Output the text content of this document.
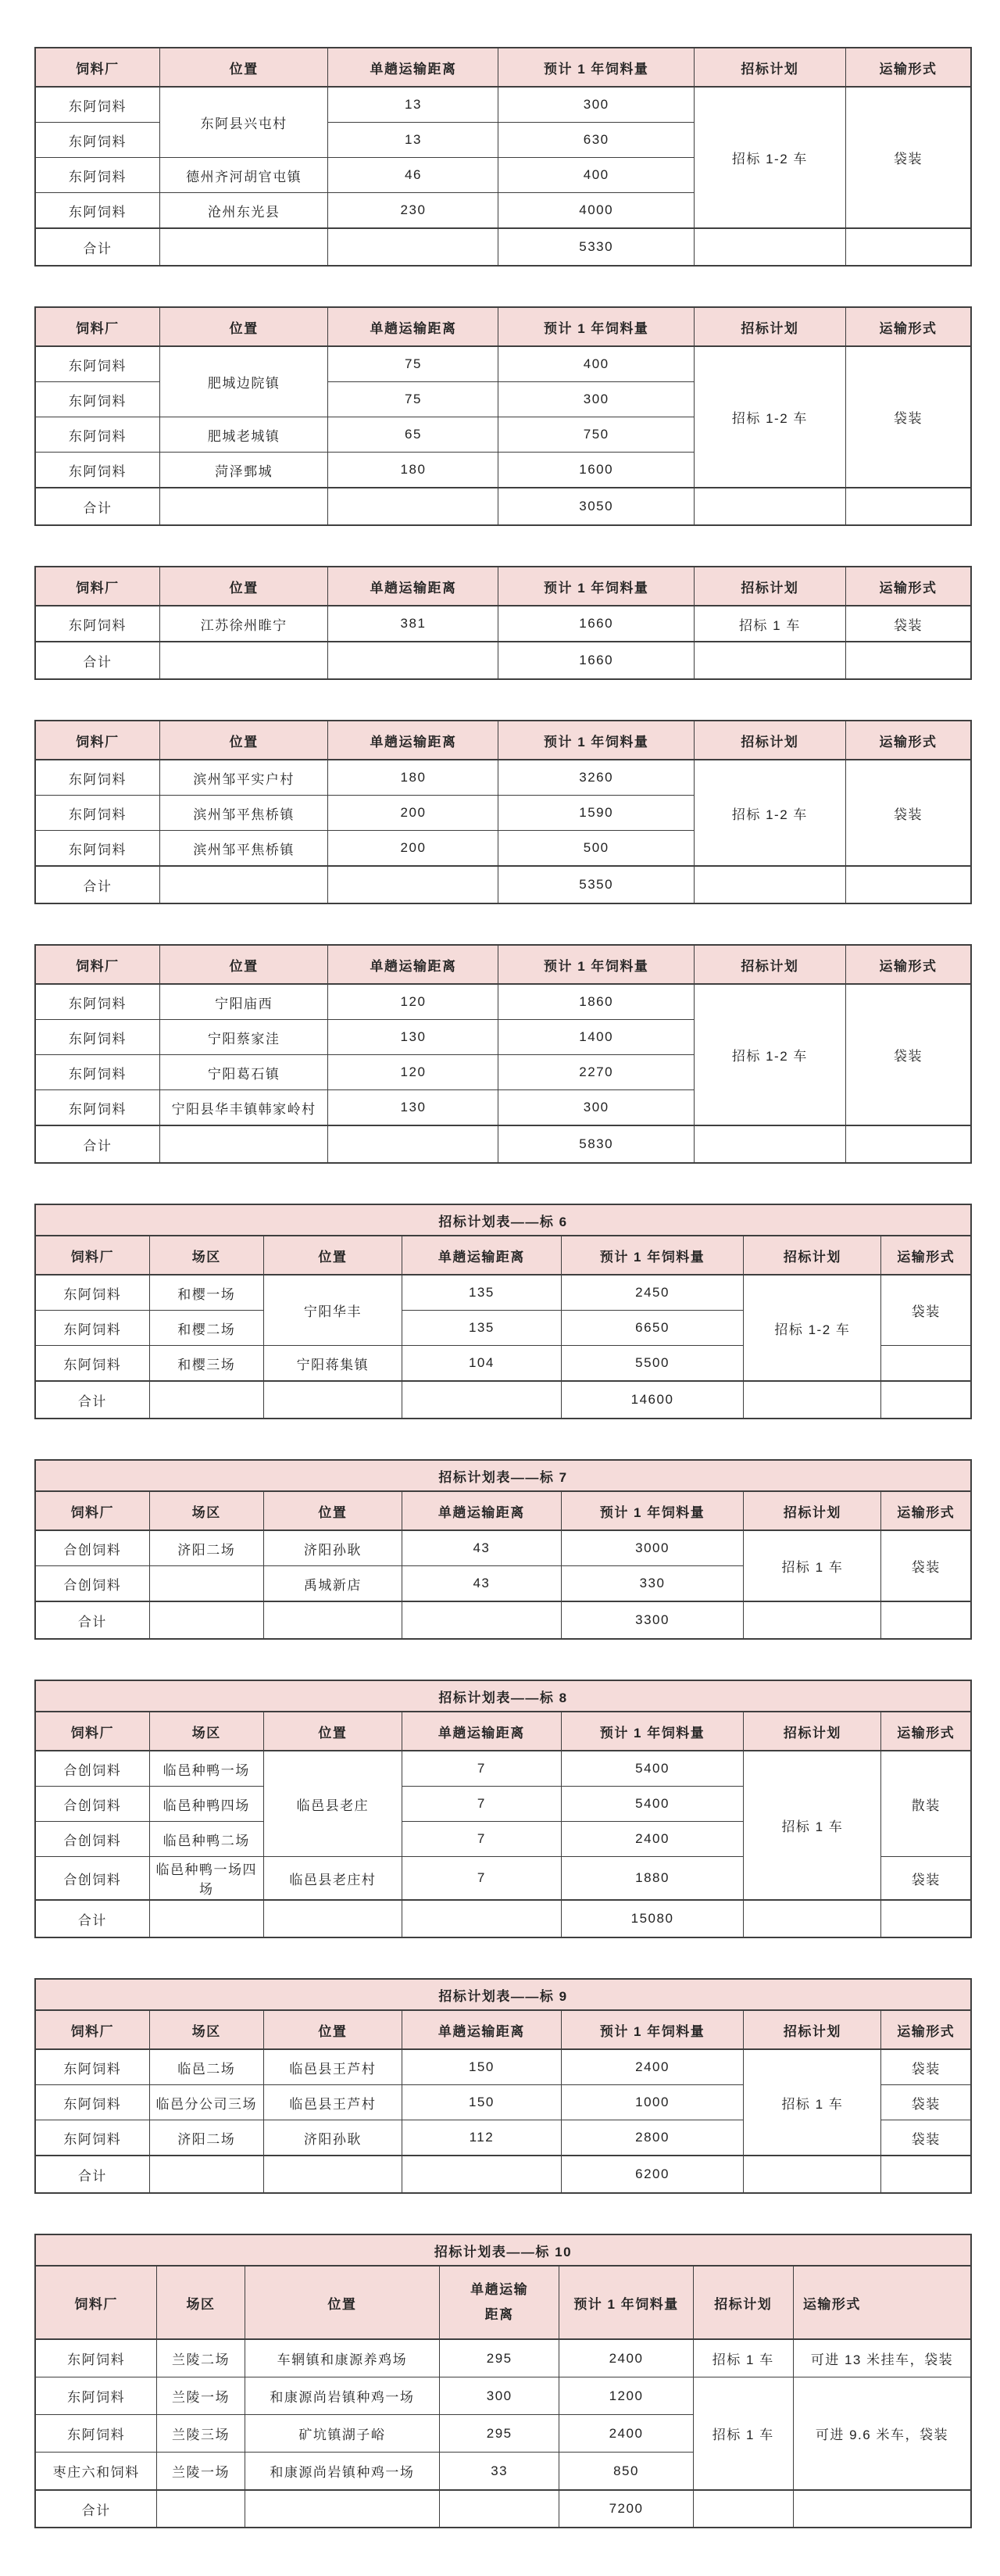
饲料厂	位置	单趟运输距离	预计 1 年饲料量	招标计划	运输形式
东阿饲料	东阿县兴屯村	13	300	招标 1-2 车	袋装
东阿饲料		13	630		
东阿饲料	德州齐河胡官屯镇	46	400		
东阿饲料	沧州东光县	230	4000		
合计			5330		
饲料厂	位置	单趟运输距离	预计 1 年饲料量	招标计划	运输形式
东阿饲料	肥城边院镇	75	400	招标 1-2 车	袋装
东阿饲料		75	300		
东阿饲料	肥城老城镇	65	750		
东阿饲料	菏泽鄄城	180	1600		
合计			3050		
饲料厂	位置	单趟运输距离	预计 1 年饲料量	招标计划	运输形式
东阿饲料	江苏徐州睢宁	381	1660	招标 1 车	袋装
合计			1660		
饲料厂	位置	单趟运输距离	预计 1 年饲料量	招标计划	运输形式
东阿饲料	滨州邹平实户村	180	3260	招标 1-2 车	袋装
东阿饲料	滨州邹平焦桥镇	200	1590		
东阿饲料	滨州邹平焦桥镇	200	500		
合计			5350		
饲料厂	位置	单趟运输距离	预计 1 年饲料量	招标计划	运输形式
东阿饲料	宁阳庙西	120	1860	招标 1-2 车	袋装
东阿饲料	宁阳蔡家洼	130	1400		
东阿饲料	宁阳葛石镇	120	2270		
东阿饲料	宁阳县华丰镇韩家岭村	130	300		
合计			5830		
招标计划表——标 6						
饲料厂	场区	位置	单趟运输距离	预计 1 年饲料量	招标计划	运输形式
东阿饲料	和樱一场	宁阳华丰	135	2450	招标 1-2 车	袋装
东阿饲料	和樱二场		135	6650		
东阿饲料	和樱三场	宁阳蒋集镇	104	5500		
合计				14600		
招标计划表——标 7						
饲料厂	场区	位置	单趟运输距离	预计 1 年饲料量	招标计划	运输形式
合创饲料	济阳二场	济阳孙耿	43	3000	招标 1 车	袋装
合创饲料		禹城新店	43	330		
合计				3300		
招标计划表——标 8						
饲料厂	场区	位置	单趟运输距离	预计 1 年饲料量	招标计划	运输形式
合创饲料	临邑种鸭一场	临邑县老庄	7	5400	招标 1 车	散装
合创饲料	临邑种鸭四场		7	5400		
合创饲料	临邑种鸭二场		7	2400		
合创饲料	临邑种鸭一场四场	临邑县老庄村	7	1880		袋装
合计				15080		
招标计划表——标 9						
饲料厂	场区	位置	单趟运输距离	预计 1 年饲料量	招标计划	运输形式
东阿饲料	临邑二场	临邑县王芦村	150	2400	招标 1 车	袋装
东阿饲料	临邑分公司三场	临邑县王芦村	150	1000		袋装
东阿饲料	济阳二场	济阳孙耿	112	2800		袋装
合计				6200		
招标计划表——标 10						
饲料厂	场区	位置	单趟运输距离	预计 1 年饲料量	招标计划	运输形式
东阿饲料	兰陵二场	车辋镇和康源养鸡场	295	2400	招标 1 车	可进 13 米挂车，袋装
东阿饲料	兰陵一场	和康源尚岩镇种鸡一场	300	1200	招标 1 车	可进 9.6 米车，袋装
东阿饲料	兰陵三场	矿坑镇湖子峪	295	2400		
枣庄六和饲料	兰陵一场	和康源尚岩镇种鸡一场	33	850		
合计				7200		
